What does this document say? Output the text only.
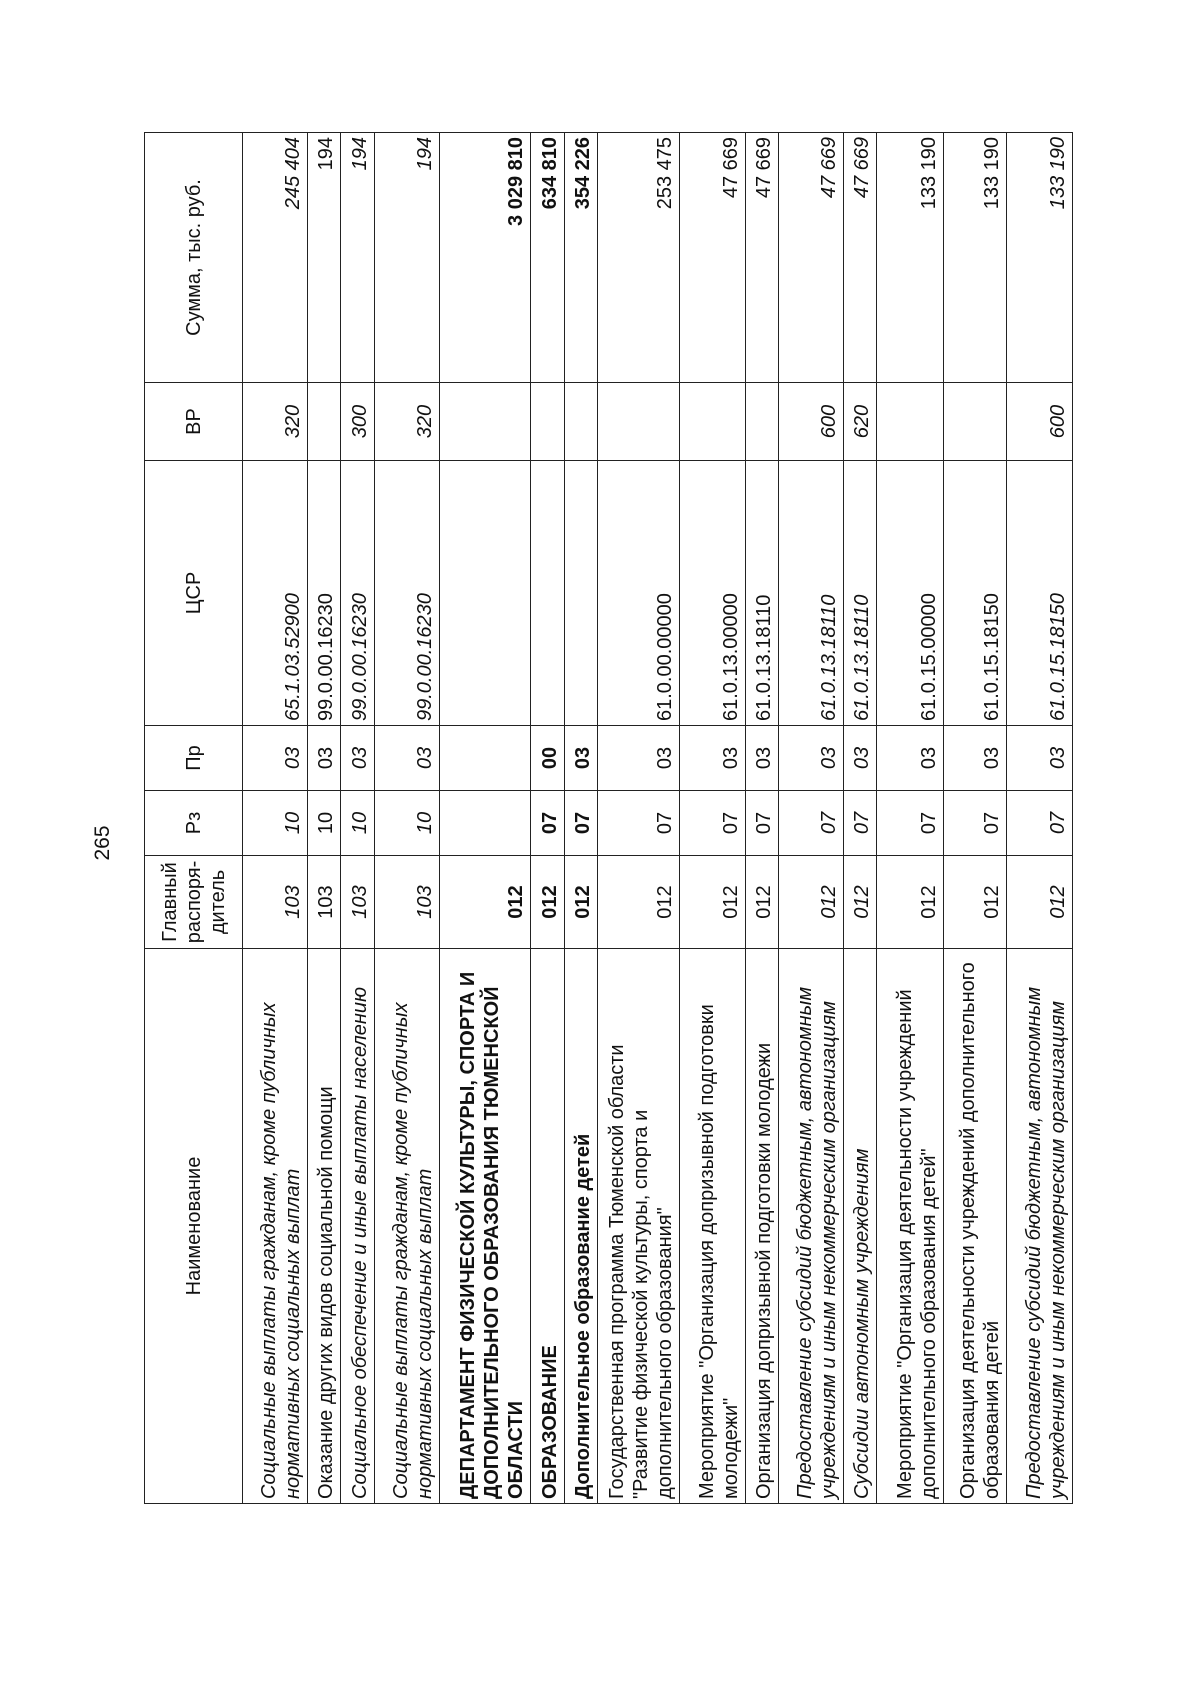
265
Наименование	Главный распоря-дитель	Рз	Пр	ЦСР	ВР	Сумма, тыс. руб.
Социальные выплаты гражданам, кроме публичных нормативных социальных выплат	103	10	03	65.1.03.52900	320	245 404
Оказание других видов социальной помощи	103	10	03	99.0.00.16230		194
Социальное обеспечение и иные выплаты населению	103	10	03	99.0.00.16230	300	194
Социальные выплаты гражданам, кроме публичных нормативных социальных выплат	103	10	03	99.0.00.16230	320	194
ДЕПАРТАМЕНТ ФИЗИЧЕСКОЙ КУЛЬТУРЫ, СПОРТА И ДОПОЛНИТЕЛЬНОГО ОБРАЗОВАНИЯ ТЮМЕНСКОЙ ОБЛАСТИ	012					3 029 810
ОБРАЗОВАНИЕ	012	07	00			634 810
Дополнительное образование детей	012	07	03			354 226
Государственная программа Тюменской области "Развитие физической культуры, спорта и дополнительного образования"	012	07	03	61.0.00.00000		253 475
Мероприятие "Организация допризывной подготовки молодежи"	012	07	03	61.0.13.00000		47 669
Организация допризывной подготовки молодежи	012	07	03	61.0.13.18110		47 669
Предоставление субсидий бюджетным, автономным учреждениям и иным некоммерческим организациям	012	07	03	61.0.13.18110	600	47 669
Субсидии автономным учреждениям	012	07	03	61.0.13.18110	620	47 669
Мероприятие "Организация деятельности учреждений дополнительного образования детей"	012	07	03	61.0.15.00000		133 190
Организация деятельности учреждений дополнительного образования детей	012	07	03	61.0.15.18150		133 190
Предоставление субсидий бюджетным, автономным учреждениям и иным некоммерческим организациям	012	07	03	61.0.15.18150	600	133 190
